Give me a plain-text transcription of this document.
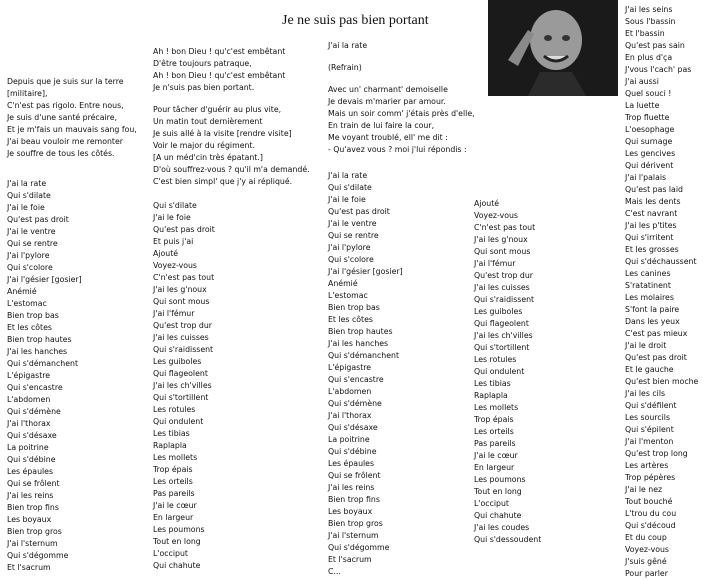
Je ne suis pas bien portant
Depuis que je suis sur la terre
[militaire],
C'n'est pas rigolo. Entre nous,
Je suis d'une santé précaire,
Et je m'fais un mauvais sang fou,
J'ai beau vouloir me remonter
Je souffre de tous les côtés.
J'ai la rate
Qui s'dilate
J'ai le foie
Qu'est pas droit
J'ai le ventre
Qui se rentre
J'ai l'pylore
Qui s'colore
J'ai l'gésier [gosier]
Anémié
L'estomac
Bien trop bas
Et les côtes
Bien trop hautes
J'ai les hanches
Qui s'démanchent
L'épigastre
Qui s'encastre
L'abdomen
Qui s'démène
J'ai l'thorax
Qui s'désaxe
La poitrine
Qui s'débine
Les épaules
Qui se frôlent
J'ai les reins
Bien trop fins
Les boyaux
Bien trop gros
J'ai l'sternum
Qui s'dégomme
Et l'sacrum
Ah ! bon Dieu ! qu'c'est embêtant
D'être toujours patraque,
Ah ! bon Dieu ! qu'c'est embêtant
Je n'suis pas bien portant.
Pour tâcher d'guérir au plus vite,
Un matin tout dernièrement
Je suis allé à la visite [rendre visite]
Voir le major du régiment.
[A un méd'cin très épatant.]
D'où souffrez-vous ? qu'il m'a demandé.
C'est bien simpl' que j'y ai répliqué.
Qui s'dilate
J'ai le foie
Qu'est pas droit
Et puis j'ai
Ajouté
Voyez-vous
C'n'est pas tout
J'ai les g'noux
Qui sont mous
J'ai l'fémur
Qu'est trop dur
J'ai les cuisses
Qui s'raidissent
Les guiboles
Qui flageolent
J'ai les ch'villes
Qui s'tortillent
Les rotules
Qui ondulent
Les tibias
Raplapla
Les mollets
Trop épais
Les orteils
Pas pareils
J'ai le cœur
En largeur
Les poumons
Tout en long
L'occiput
Qui chahute
J'ai la rate
(Refrain)
Avec un' charmant' demoiselle
Je devais m'marier par amour.
Mais un soir comm' j'étais près d'elle,
En train de lui faire la cour,
Me voyant troublé, ell' me dit :
- Qu'avez vous ? moi j'lui répondis :
J'ai la rate
Qui s'dilate
J'ai le foie
Qu'est pas droit
J'ai le ventre
Qui se rentre
J'ai l'pylore
Qui s'colore
J'ai l'gésier [gosier]
Anémié
L'estomac
Bien trop bas
Et les côtes
Bien trop hautes
J'ai les hanches
Qui s'démanchent
L'épigastre
Qui s'encastre
L'abdomen
Qui s'démène
J'ai l'thorax
Qui s'désaxe
La poitrine
Qui s'débine
Les épaules
Qui se frôlent
J'ai les reins
Bien trop fins
Les boyaux
Bien trop gros
J'ai l'sternum
Qui s'dégomme
Et l'sacrum
C...
Ajouté
Voyez-vous
C'n'est pas tout
J'ai les g'noux
Qui sont mous
J'ai l'fémur
Qu'est trop dur
J'ai les cuisses
Qui s'raidissent
Les guiboles
Qui flageolent
J'ai les ch'villes
Qui s'tortillent
Les rotules
Qui ondulent
Les tibias
Raplapla
Les mollets
Trop épais
Les orteils
Pas pareils
J'ai le cœur
En largeur
Les poumons
Tout en long
L'occiput
Qui chahute
J'ai les coudes
Qui s'dessoudent
J'ai les seins
Sous l'bassin
Et l'bassin
Qu'est pas sain
En plus d'ça
J'vous l'cach' pas
J'ai aussi
Quel souci !
La luette
Trop fluette
L'oesophage
Qui surnage
Les gencives
Qui dérivent
J'ai l'palais
Qu'est pas laid
Mais les dents
C'est navrant
J'ai les p'tites
Qui s'irritent
Et les grosses
Qui s'déchaussent
Les canines
S'ratatinent
Les molaires
S'font la paire
Dans les yeux
C'est pas mieux
J'ai le droit
Qu'est pas droit
Et le gauche
Qu'est bien moche
J'ai les cils
Qui s'défilent
Les sourcils
Qui s'épilent
J'ai l'menton
Qu'est trop long
Les artères
Trop pépères
J'ai le nez
Tout bouché
L'trou du cou
Qui s'découd
Et du coup
Voyez-vous
J'suis gêné
Pour parler
